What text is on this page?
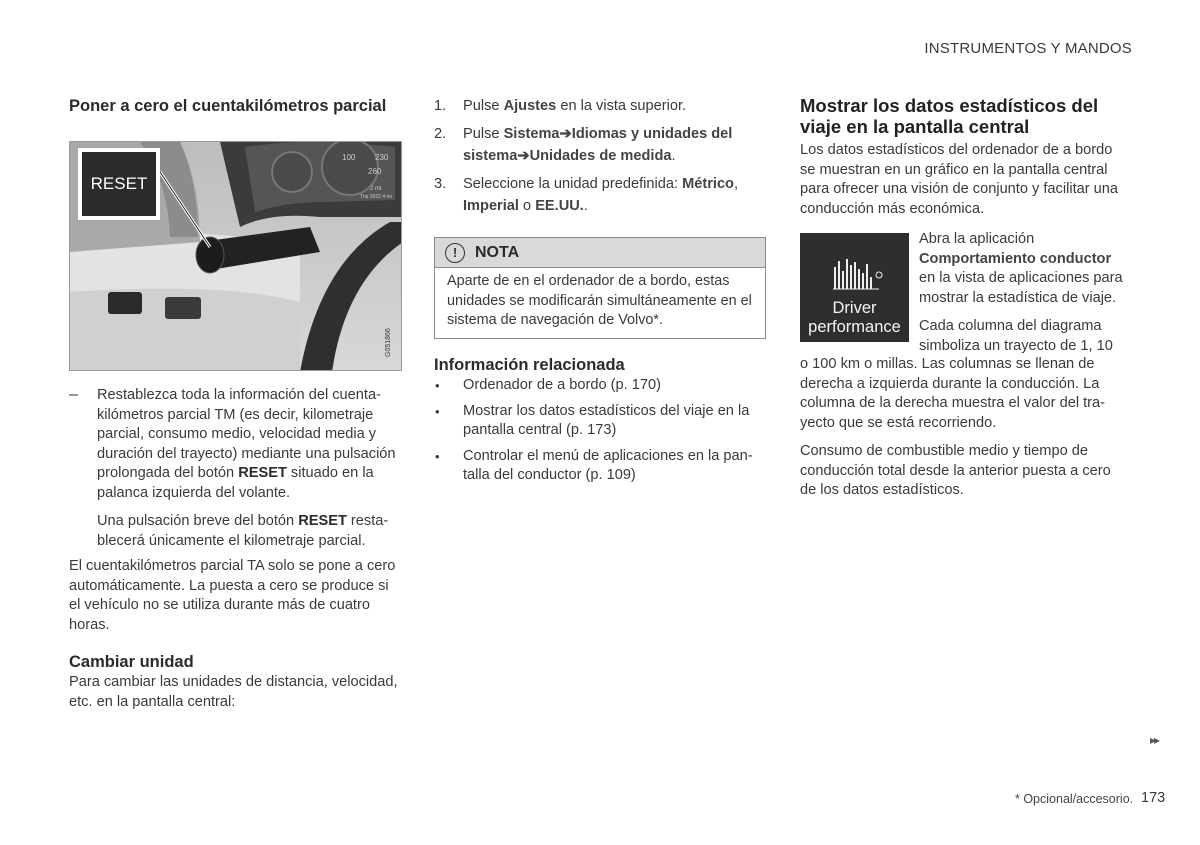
INSTRUMENTOS Y MANDOS
Poner a cero el cuentakilómetros parcial
RESET
100
260
230
2 mi
Trip 2022.4 mi
G051866
– Restablezca toda la información del cuentakilómetros parcial TM (es decir, kilometraje parcial, consumo medio, velocidad media y duración del trayecto) mediante una pulsación prolongada del botón RESET situado en la palanca izquierda del volante.

Una pulsación breve del botón RESET restablecerá únicamente el kilometraje parcial.

El cuentakilómetros parcial TA solo se pone a cero automáticamente. La puesta a cero se produce si el vehículo no se utiliza durante más de cuatro horas.

Cambiar unidad

Para cambiar las unidades de distancia, velocidad, etc. en la pantalla central:

1. Pulse Ajustes en la vista superior.
2. Pulse Sistema➔Idiomas y unidades del sistema➔Unidades de medida.
3. Seleccione la unidad predefinida: Métrico, Imperial o EE.UU..
!	NOTA
Aparte de en el ordenador de a bordo, estas unidades se modificarán simultáneamente en el sistema de navegación de Volvo*.
Información relacionada
• Ordenador de a bordo (p. 170)
• Mostrar los datos estadísticos del viaje en la pantalla central (p. 173)
• Controlar el menú de aplicaciones en la pantalla del conductor (p. 109)
Mostrar los datos estadísticos del viaje en la pantalla central

Los datos estadísticos del ordenador de a bordo se muestran en un gráfico en la pantalla central para ofrecer una visión de conjunto y facilitar una conducción más económica.

Driver
performance

Abra la aplicación Comportamiento conductor en la vista de aplicaciones para mostrar la estadística de viaje.

Cada columna del diagrama simboliza un trayecto de 1, 10

o 100 km o millas. Las columnas se llenan de derecha a izquierda durante la conducción. La columna de la derecha muestra el valor del trayecto que se está recorriendo.

Consumo de combustible medio y tiempo de conducción total desde la anterior puesta a cero de los datos estadísticos.

▸▸
* Opcional/accesorio. 173
